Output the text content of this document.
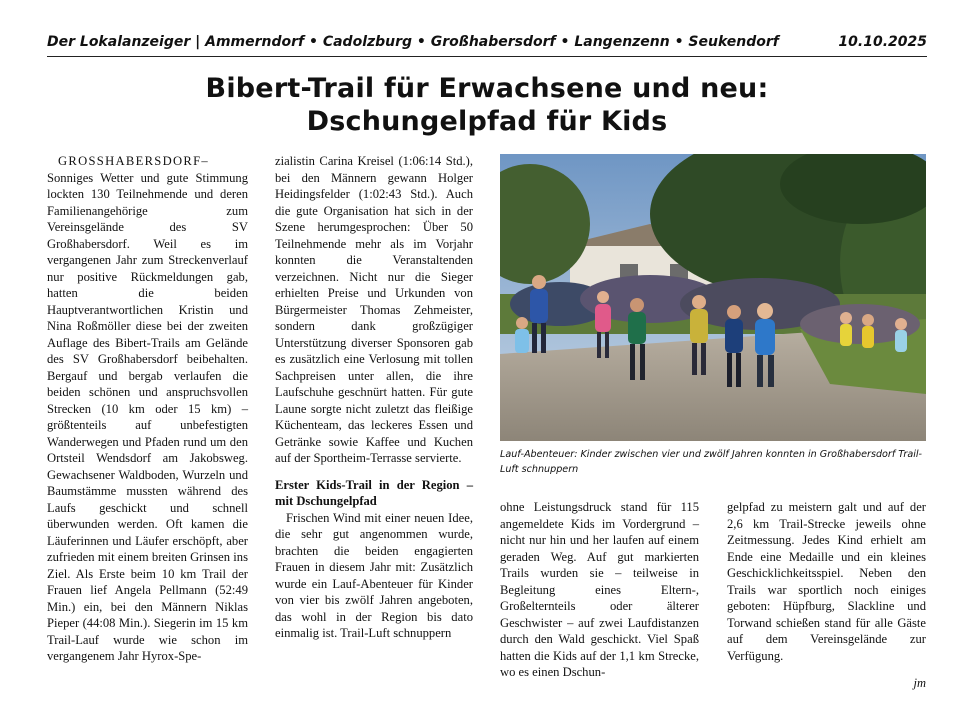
Der Lokalanzeiger | Ammerndorf • Cadolzburg • Großhabersdorf • Langenzenn • Seukendorf	10.10.2025
Bibert-Trail für Erwachsene und neu:
Dschungelpfad für Kids

GROSSHABERSDORF– Sonniges Wetter und gute Stimmung lockten 130 Teilnehmende und deren Familienangehörige zum Vereinsgelände des SV Großhabersdorf. Weil es im vergangenen Jahr zum Streckenverlauf nur positive Rückmeldungen gab, hatten die beiden Hauptverantwortlichen Kristin und Nina Roßmöller diese bei der zweiten Auflage des Bibert-Trails am Gelände des SV Großhabersdorf beibehalten. Bergauf und bergab verlaufen die beiden schönen und anspruchsvollen Strecken (10 km oder 15 km) – größtenteils auf unbefestigten Wanderwegen und Pfaden rund um den Ortsteil Wendsdorf am Jakobsweg. Gewachsener Waldboden, Wurzeln und Baumstämme mussten während des Laufs geschickt und schnell überwunden werden. Oft kamen die Läuferinnen und Läufer erschöpft, aber zufrieden mit einem breiten Grinsen ins Ziel. Als Erste beim 10 km Trail der Frauen lief Angela Pellmann (52:49 Min.) ein, bei den Männern Niklas Pieper (44:08 Min.). Siegerin im 15 km Trail-Lauf wurde wie schon im vergangenem Jahr Hyrox-Spe-

zialistin Carina Kreisel (1:06:14 Std.), bei den Männern gewann Holger Heidingsfelder (1:02:43 Std.). Auch die gute Organisation hat sich in der Szene herumgesprochen: Über 50 Teilnehmende mehr als im Vorjahr konnten die Veranstaltenden verzeichnen. Nicht nur die Sieger erhielten Preise und Urkunden von Bürgermeister Thomas Zehmeister, sondern dank großzügiger Unterstützung diverser Sponsoren gab es zusätzlich eine Verlosung mit tollen Sachpreisen unter allen, die ihre Laufschuhe geschnürt hatten. Für gute Laune sorgte nicht zuletzt das fleißige Küchenteam, das leckeres Essen und Getränke sowie Kaffee und Kuchen auf der Sportheim-Terrasse servierte.

Erster Kids-Trail in der Region – mit Dschungelpfad

Frischen Wind mit einer neuen Idee, die sehr gut angenommen wurde, brachten die beiden engagierten Frauen in diesem Jahr mit: Zusätzlich wurde ein Lauf-Abenteuer für Kinder von vier bis zwölf Jahren angeboten, das wohl in der Region bis dato einmalig ist. Trail-Luft schnuppern

Lauf-Abenteuer: Kinder zwischen vier und zwölf Jahren konnten in Großhabersdorf Trail-Luft schnuppern

ohne Leistungsdruck stand für 115 angemeldete Kids im Vordergrund – nicht nur hin und her laufen auf einem geraden Weg. Auf gut markierten Trails wurden sie – teilweise in Begleitung eines Eltern-, Großelternteils oder älterer Geschwister – auf zwei Laufdistanzen durch den Wald geschickt. Viel Spaß hatten die Kids auf der 1,1 km Strecke, wo es einen Dschun-

gelpfad zu meistern galt und auf der 2,6 km Trail-Strecke jeweils ohne Zeitmessung. Jedes Kind erhielt am Ende eine Medaille und ein kleines Geschicklichkeitsspiel. Neben den Trails war sportlich noch einiges geboten: Hüpfburg, Slackline und Torwand schießen stand für alle Gäste auf dem Vereinsgelände zur Verfügung.

jm
